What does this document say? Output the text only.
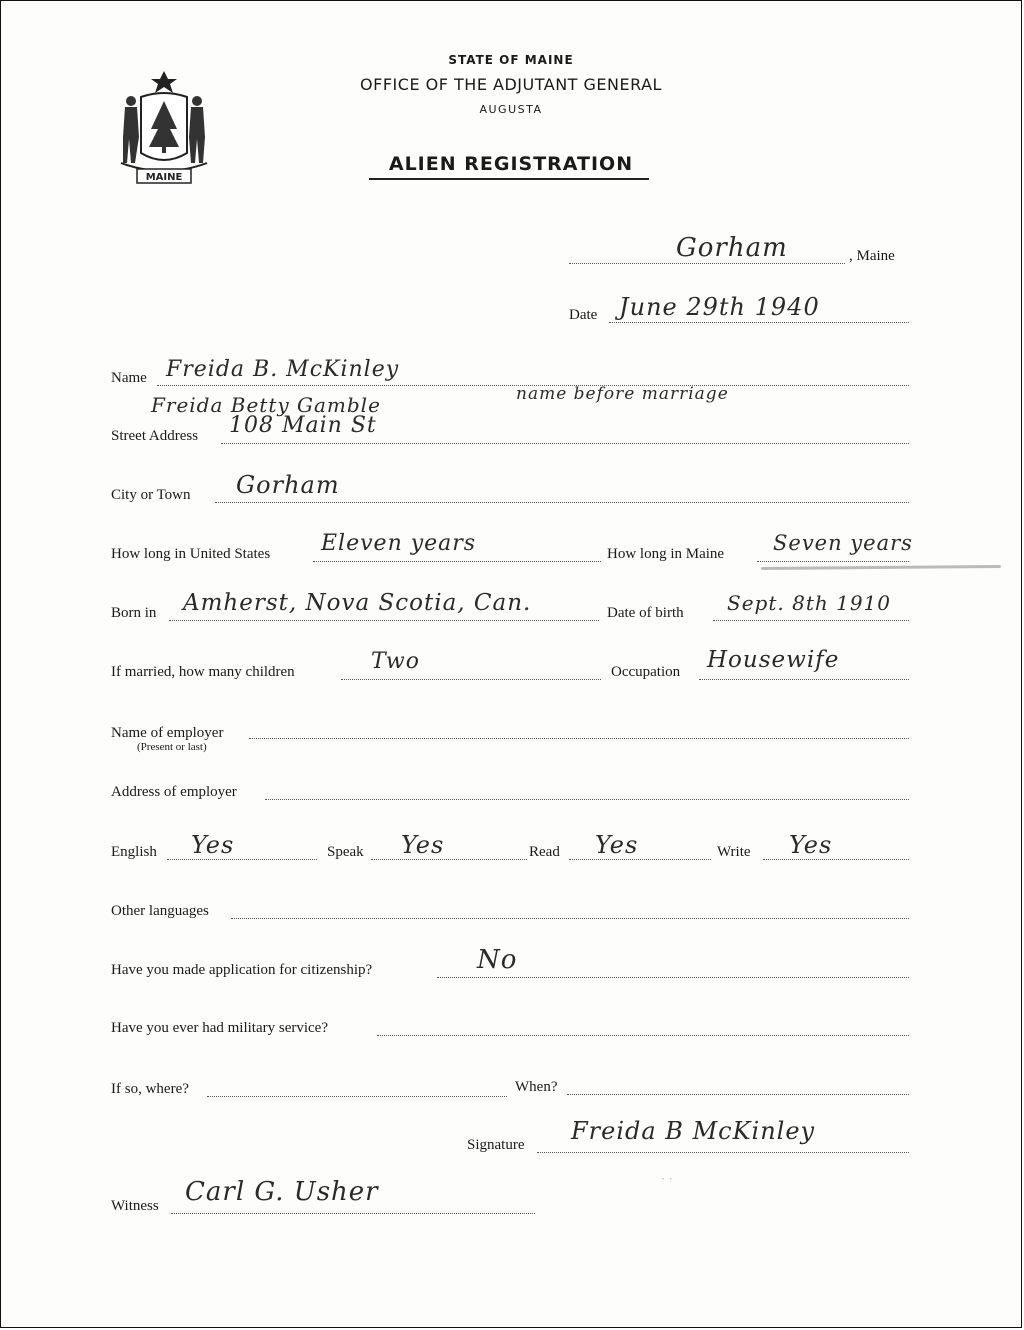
MAINE
STATE OF MAINE
OFFICE OF THE ADJUTANT GENERAL
AUGUSTA
ALIEN REGISTRATION
Gorham	, Maine
Date June 29th 1940
Name Freida B. McKinley
Freida Betty Gamble	name before marriage
Street Address 108 Main St
City or Town Gorham
How long in United States Eleven years	How long in Maine Seven years
Born in Amherst, Nova Scotia, Can.	Date of birth Sept. 8th 1910
If married, how many children	Two	Occupation Housewife
Name of employer
(Present or last)
Address of employer
English Yes	Speak Yes	Read Yes	Write Yes
Other languages
Have you made application for citizenship?	No
Have you ever had military service?
If so, where?	When?
Signature Freida B McKinley
· ·
Witness Carl G. Usher
